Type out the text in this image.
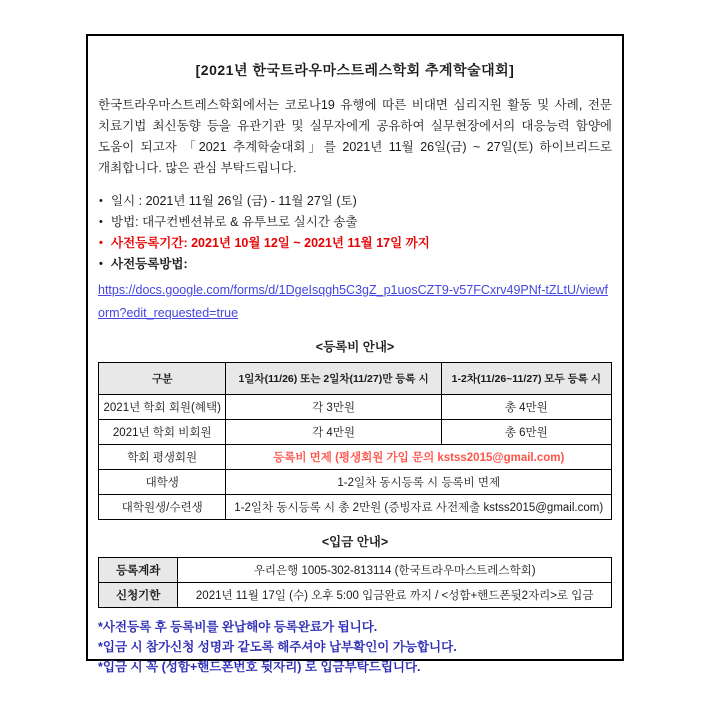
[2021년 한국트라우마스트레스학회 추계학술대회]

한국트라우마스트레스학회에서는 코로나19 유행에 따른 비대면 심리지원 활동 및 사례, 전문 치료기법 최신동향 등을 유관기관 및 실무자에게 공유하여 실무현장에서의 대응능력 함양에 도움이 되고자 「2021 추계학술대회」를 2021년 11월 26일(금) ~ 27일(토) 하이브리드로 개최합니다. 많은 관심 부탁드립니다.

• 일시 : 2021년 11월 26일 (금) - 11월 27일 (토)
• 방법: 대구컨벤션뷰로 & 유투브로 실시간 송출
• 사전등록기간: 2021년 10월 12일 ~ 2021년 11월 17일 까지
• 사전등록방법:
https://docs.google.com/forms/d/1DgeIsqgh5C3gZ_p1uosCZT9-v57FCxrv49PNf-tZLtU/viewform?edit_requested=true
<등록비 안내>
구분	1일차(11/26) 또는 2일차(11/27)만 등록 시	1-2차(11/26~11/27) 모두 등록 시
2021년 학회 회원(혜택)	각 3만원	총 4만원
2021년 학회 비회원	각 4만원	총 6만원
학회 평생회원	등록비 면제 (평생회원 가입 문의 kstss2015@gmail.com)	
대학생	1-2일차 동시등록 시 등록비 면제	
대학원생/수련생	1-2일차 동시등록 시 총 2만원 (증빙자료 사전제출 kstss2015@gmail.com)	
<입금 안내>
등록계좌	우리은행 1005-302-813114 (한국트라우마스트레스학회)
신청기한	2021년 11월 17일 (수) 오후 5:00 입금완료 까지 / <성함+핸드폰뒷2자리>로 입금
*사전등록 후 등록비를 완납해야 등록완료가 됩니다.
*입금 시 참가신청 성명과 같도록 해주셔야 납부확인이 가능합니다.
*입금 시 꼭 (성함+핸드폰번호 뒷자리) 로 입금부탁드립니다.
